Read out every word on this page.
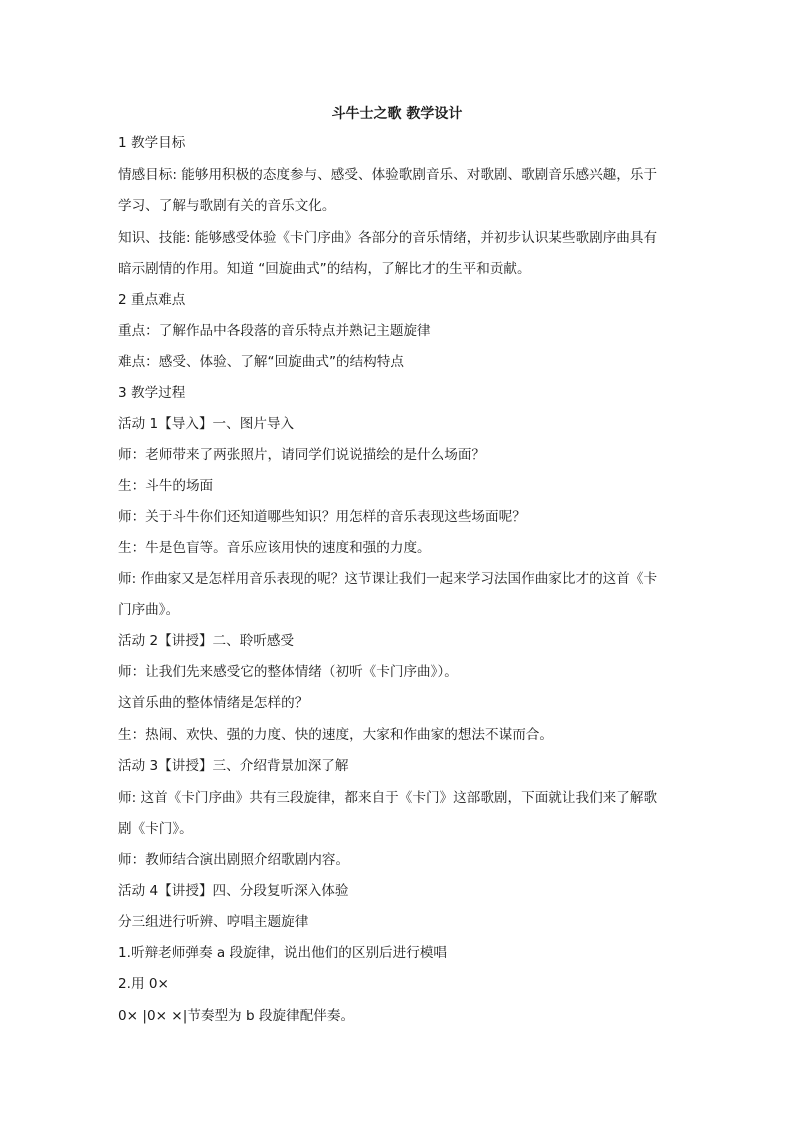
斗牛士之歌 教学设计
1 教学目标
情感目标: 能够用积极的态度参与、感受、体验歌剧音乐、对歌剧、歌剧音乐感兴趣，乐于
学习、了解与歌剧有关的音乐文化。
知识、技能: 能够感受体验《卡门序曲》各部分的音乐情绪，并初步认识某些歌剧序曲具有
暗示剧情的作用。知道 “回旋曲式”的结构，了解比才的生平和贡献。
2 重点难点
重点：了解作品中各段落的音乐特点并熟记主题旋律
难点：感受、体验、了解“回旋曲式”的结构特点
3 教学过程
活动 1【导入】一、图片导入
师：老师带来了两张照片，请同学们说说描绘的是什么场面？
生：斗牛的场面
师：关于斗牛你们还知道哪些知识？用怎样的音乐表现这些场面呢？
生：牛是色盲等。音乐应该用快的速度和强的力度。
师: 作曲家又是怎样用音乐表现的呢？这节课让我们一起来学习法国作曲家比才的这首《卡
门序曲》。
活动 2【讲授】二、聆听感受
师：让我们先来感受它的整体情绪（初听《卡门序曲》）。
这首乐曲的整体情绪是怎样的？
生：热闹、欢快、强的力度、快的速度，大家和作曲家的想法不谋而合。
活动 3【讲授】三、介绍背景加深了解
师: 这首《卡门序曲》共有三段旋律，都来自于《卡门》这部歌剧，下面就让我们来了解歌
剧《卡门》。
师：教师结合演出剧照介绍歌剧内容。
活动 4【讲授】四、分段复听深入体验
分三组进行听辨、哼唱主题旋律
1.听辩老师弹奏 a 段旋律，说出他们的区别后进行模唱
2.用 0×
0× |0× ×|节奏型为 b 段旋律配伴奏。
